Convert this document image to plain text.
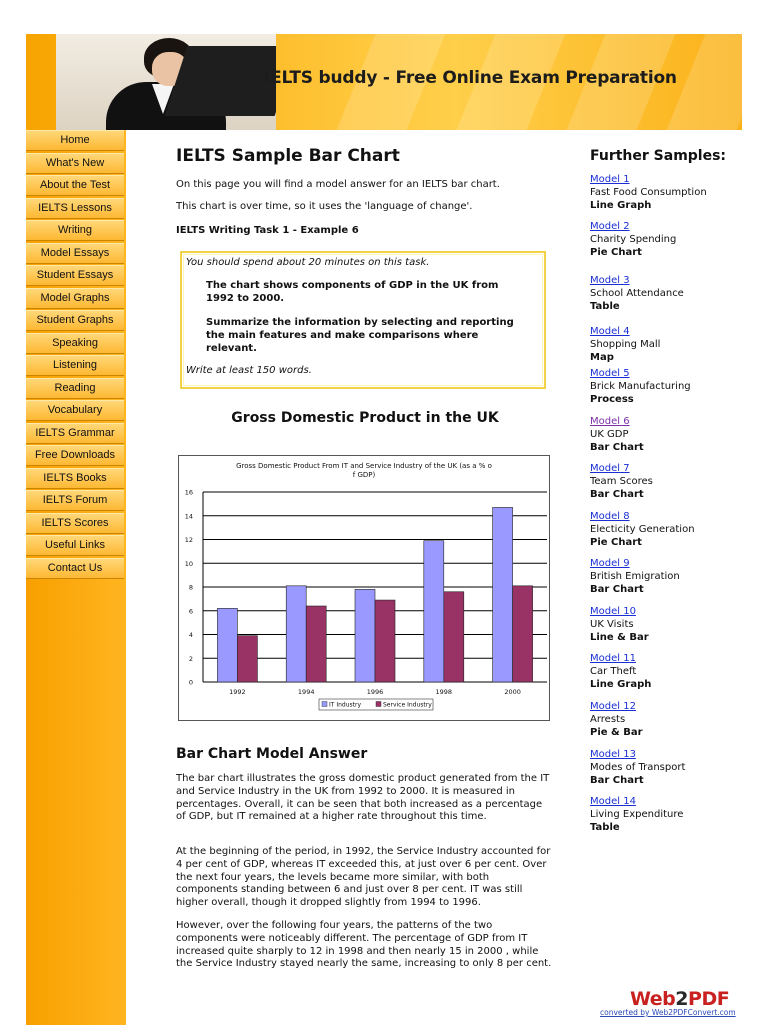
IELTS buddy - Free Online Exam Preparation
Home
What's New
About the Test
IELTS Lessons
Writing
Model Essays
Student Essays
Model Graphs
Student Graphs
Speaking
Listening
Reading
Vocabulary
IELTS Grammar
Free Downloads
IELTS Books
IELTS Forum
IELTS Scores
Useful Links
Contact Us
IELTS Sample Bar Chart
On this page you will find a model answer for an IELTS bar chart.
This chart is over time, so it uses the 'language of change'.
IELTS Writing Task 1 - Example 6
You should spend about 20 minutes on this task.
The chart shows components of GDP in the UK from 1992 to 2000.
Summarize the information by selecting and reporting the main features and make comparisons where relevant.
Write at least 150 words.
Gross Domestic Product in the UK
Gross Domestic Product From IT and Service Industry of the UK (as a % o
f GDP)
0
2
4
6
8
10
12
14
16
1992	1994	1996	1998	2000
IT Industry	Service Industry
Bar Chart Model Answer
The bar chart illustrates the gross domestic product generated from the IT and Service Industry in the UK from 1992 to 2000. It is measured in percentages. Overall, it can be seen that both increased as a percentage of GDP, but IT remained at a higher rate throughout this time.
At the beginning of the period, in 1992, the Service Industry accounted for 4 per cent of GDP, whereas IT exceeded this, at just over 6 per cent. Over the next four years, the levels became more similar, with both components standing between 6 and just over 8 per cent. IT was still higher overall, though it dropped slightly from 1994 to 1996.
However, over the following four years, the patterns of the two components were noticeably different. The percentage of GDP from IT increased quite sharply to 12 in 1998 and then nearly 15 in 2000 , while the Service Industry stayed nearly the same, increasing to only 8 per cent.
Further Samples:
Model 1
Fast Food Consumption
Line Graph
Model 2
Charity Spending
Pie Chart
Model 3
School Attendance
Table
Model 4
Shopping Mall
Map
Model 5
Brick Manufacturing
Process
Model 6
UK GDP
Bar Chart
Model 7
Team Scores
Bar Chart
Model 8
Electicity Generation
Pie Chart
Model 9
British Emigration
Bar Chart
Model 10
UK Visits
Line & Bar
Model 11
Car Theft
Line Graph
Model 12
Arrests
Pie & Bar
Model 13
Modes of Transport
Bar Chart
Model 14
Living Expenditure
Table
Web2PDF
converted by Web2PDFConvert.com
